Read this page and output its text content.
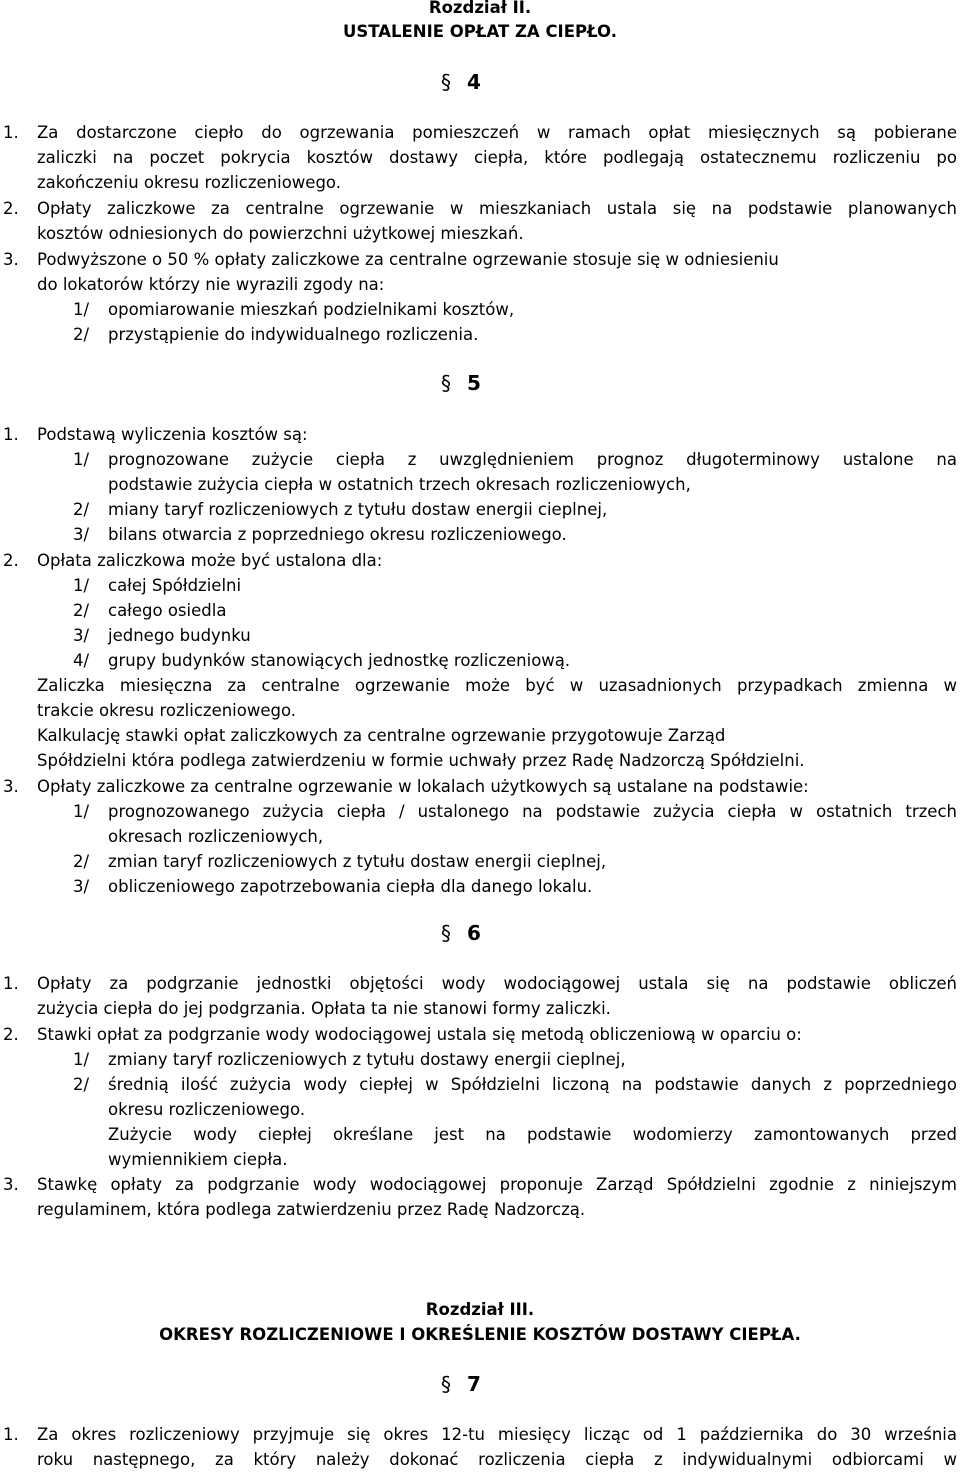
Rozdział II.
USTALENIE OPŁAT ZA CIEPŁO.
§ 4
1. Za dostarczone ciepło do ogrzewania pomieszczeń w ramach opłat miesięcznych są pobierane
zaliczki na poczet pokrycia kosztów dostawy ciepła, które podlegają ostatecznemu rozliczeniu po
zakończeniu okresu rozliczeniowego.
2. Opłaty zaliczkowe za centralne ogrzewanie w mieszkaniach ustala się na podstawie planowanych
kosztów odniesionych do powierzchni użytkowej mieszkań.
3. Podwyższone o 50 % opłaty zaliczkowe za centralne ogrzewanie stosuje się w odniesieniu
do lokatorów którzy nie wyrazili zgody na:
1/ opomiarowanie mieszkań podzielnikami kosztów,
2/ przystąpienie do indywidualnego rozliczenia.
§ 5
1. Podstawą wyliczenia kosztów są:
1/ prognozowane zużycie ciepła z uwzględnieniem prognoz długoterminowy ustalone na
podstawie zużycia ciepła w ostatnich trzech okresach rozliczeniowych,
2/ miany taryf rozliczeniowych z tytułu dostaw energii cieplnej,
3/ bilans otwarcia z poprzedniego okresu rozliczeniowego.
2. Opłata zaliczkowa może być ustalona dla:
1/ całej Spółdzielni
2/ całego osiedla
3/ jednego budynku
4/ grupy budynków stanowiących jednostkę rozliczeniową.
Zaliczka miesięczna za centralne ogrzewanie może być w uzasadnionych przypadkach zmienna w
trakcie okresu rozliczeniowego.
Kalkulację stawki opłat zaliczkowych za centralne ogrzewanie przygotowuje Zarząd
Spółdzielni która podlega zatwierdzeniu w formie uchwały przez Radę Nadzorczą Spółdzielni.
3. Opłaty zaliczkowe za centralne ogrzewanie w lokalach użytkowych są ustalane na podstawie:
1/ prognozowanego zużycia ciepła / ustalonego na podstawie zużycia ciepła w ostatnich trzech
okresach rozliczeniowych,
2/ zmian taryf rozliczeniowych z tytułu dostaw energii cieplnej,
3/ obliczeniowego zapotrzebowania ciepła dla danego lokalu.
§ 6
1. Opłaty za podgrzanie jednostki objętości wody wodociągowej ustala się na podstawie obliczeń
zużycia ciepła do jej podgrzania. Opłata ta nie stanowi formy zaliczki.
2. Stawki opłat za podgrzanie wody wodociągowej ustala się metodą obliczeniową w oparciu o:
1/ zmiany taryf rozliczeniowych z tytułu dostawy energii cieplnej,
2/ średnią ilość zużycia wody ciepłej w Spółdzielni liczoną na podstawie danych z poprzedniego
okresu rozliczeniowego.
Zużycie wody ciepłej określane jest na podstawie wodomierzy zamontowanych przed
wymiennikiem ciepła.
3. Stawkę opłaty za podgrzanie wody wodociągowej proponuje Zarząd Spółdzielni zgodnie z niniejszym
regulaminem, która podlega zatwierdzeniu przez Radę Nadzorczą.
Rozdział III.
OKRESY ROZLICZENIOWE I OKREŚLENIE KOSZTÓW DOSTAWY CIEPŁA.
§ 7
1. Za okres rozliczeniowy przyjmuje się okres 12-tu miesięcy licząc od 1 października do 30 września
roku następnego, za który należy dokonać rozliczenia ciepła z indywidualnymi odbiorcami w
